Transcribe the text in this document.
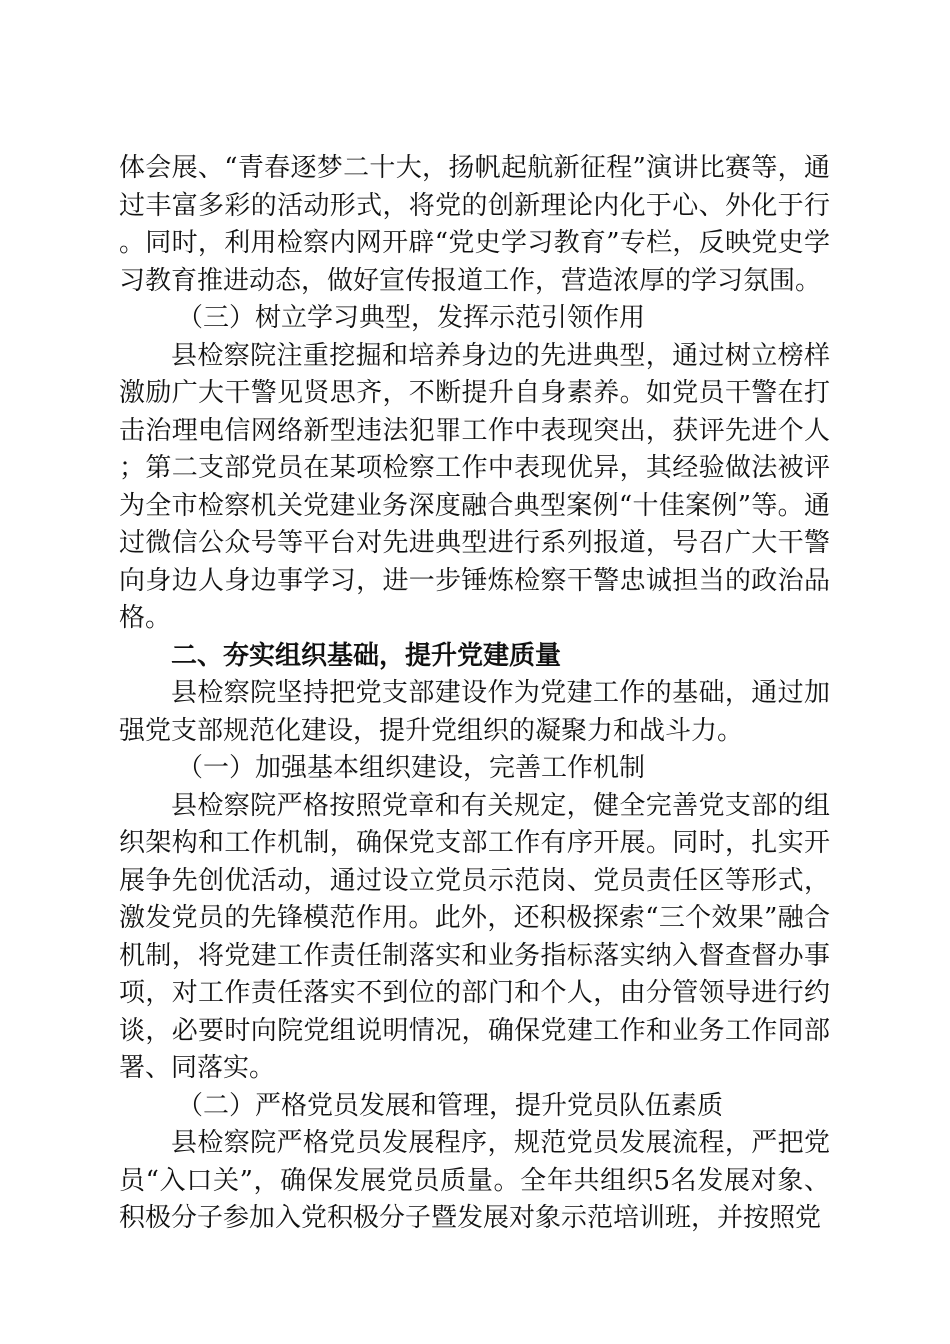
体会展、“青春逐梦二十大，扬帆起航新征程”演讲比赛等，通过丰富多彩的活动形式，将党的创新理论内化于心、外化于行。同时，利用检察内网开辟“党史学习教育”专栏，反映党史学习教育推进动态，做好宣传报道工作，营造浓厚的学习氛围。

（三）树立学习典型，发挥示范引领作用

县检察院注重挖掘和培养身边的先进典型，通过树立榜样激励广大干警见贤思齐，不断提升自身素养。如党员干警在打击治理电信网络新型违法犯罪工作中表现突出，获评先进个人；第二支部党员在某项检察工作中表现优异，其经验做法被评为全市检察机关党建业务深度融合典型案例“十佳案例”等。通过微信公众号等平台对先进典型进行系列报道，号召广大干警向身边人身边事学习，进一步锤炼检察干警忠诚担当的政治品格。

二、夯实组织基础，提升党建质量

县检察院坚持把党支部建设作为党建工作的基础，通过加强党支部规范化建设，提升党组织的凝聚力和战斗力。

（一）加强基本组织建设，完善工作机制

县检察院严格按照党章和有关规定，健全完善党支部的组织架构和工作机制，确保党支部工作有序开展。同时，扎实开展争先创优活动，通过设立党员示范岗、党员责任区等形式，激发党员的先锋模范作用。此外，还积极探索“三个效果”融合机制，将党建工作责任制落实和业务指标落实纳入督查督办事项，对工作责任落实不到位的部门和个人，由分管领导进行约谈，必要时向院党组说明情况，确保党建工作和业务工作同部署、同落实。

（二）严格党员发展和管理，提升党员队伍素质

县检察院严格党员发展程序，规范党员发展流程，严把党员“入口关”，确保发展党员质量。全年共组织5名发展对象、积极分子参加入党积极分子暨发展对象示范培训班，并按照党
